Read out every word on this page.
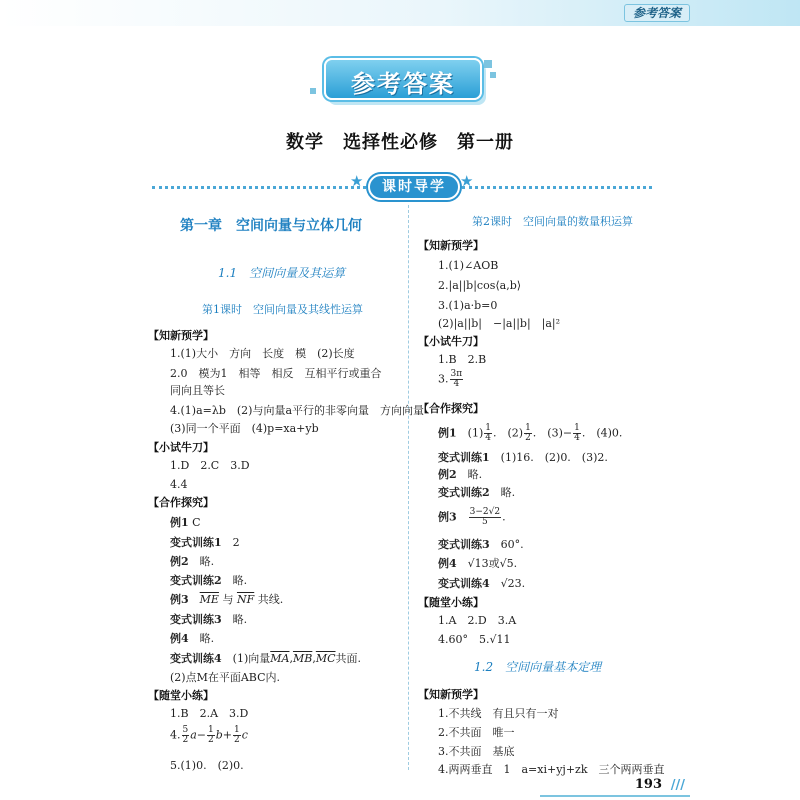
参考答案
参考答案
数学　选择性必修　第一册
★	★
课时导学
第一章　空间向量与立体几何
1.1　空间向量及其运算
第1课时　空间向量及其线性运算
【知新预学】
1.(1)大小　方向　长度　模　(2)长度
2.0　模为1　相等　相反　互相平行或重合
同向且等长
4.(1)a=λb　(2)与向量a平行的非零向量　方向向量
(3)同一个平面　(4)p=xa+yb
【小试牛刀】
1.D　2.C　3.D
4.4
【合作探究】
例1 C
变式训练1　 2
例2　 略.
变式训练2　 略.
例3　 $\overline{ME}$ 与 $\overline{NF}$ 共线.
变式训练3　 略.
例4　 略.
变式训练4　 (1)向量$\overline{MA},\overline{MB},\overline{MC}$共面.
(2)点M在平面ABC内.
【随堂小练】
1.B　2.A　3.D
4. $\frac{5}{2} a- \frac{1}{2} b+ \frac{1}{2}$ c
5.(1)0.　(2)0.
第2课时　空间向量的数量积运算
【知新预学】
1.(1)∠AOB
2.|a||b|cos⟨a,b⟩
3.(1)a·b=0
(2)|a||b|　−|a||b|　|a|²
【小试牛刀】
1.B　2.B
3. $\frac{3\pi}{4}$
【合作探究】
例1　 $(1) \frac{1}{4}$ .　$(2) \frac{1}{2}$ .　$(3)- \frac{1}{4}$ .　(4)0.
变式训练1　 (1)16.　(2)0.　(3)2.
例2　 略.
变式训练2　 略.
例3　 $\frac{3-2√2}{5}$ .
变式训练3　 60°.
例4　 √13或√5.
变式训练4　 √23.
【随堂小练】
1.A　2.D　3.A
4.60°　5.√11
1.2　空间向量基本定理
【知新预学】
1.不共线　有且只有一对
2.不共面　唯一
3.不共面　基底
4.两两垂直　1　a=xi+yj+zk　三个两两垂直
193 ///
